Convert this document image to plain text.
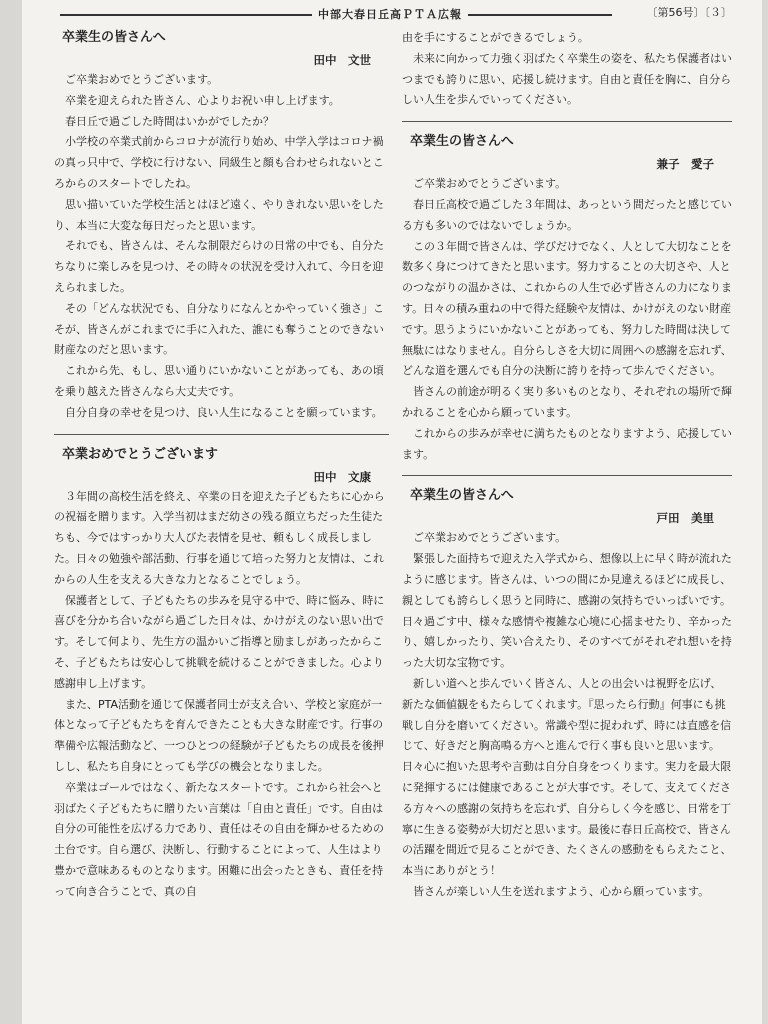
中部大春日丘高ＰＴＡ広報	〔第56号〕〔３〕
卒業生の皆さんへ
田中　文世

ご卒業おめでとうございます。

卒業を迎えられた皆さん、心よりお祝い申し上げます。

春日丘で過ごした時間はいかがでしたか？

小学校の卒業式前からコロナが流行り始め、中学入学はコロナ禍の真っ只中で、学校に行けない、同級生と顔も合わせられないところからのスタートでしたね。

思い描いていた学校生活とはほど遠く、やりきれない思いをしたり、本当に大変な毎日だったと思います。

それでも、皆さんは、そんな制限だらけの日常の中でも、自分たちなりに楽しみを見つけ、その時々の状況を受け入れて、今日を迎えられました。

その「どんな状況でも、自分なりになんとかやっていく強さ」こそが、皆さんがこれまでに手に入れた、誰にも奪うことのできない財産なのだと思います。

これから先、もし、思い通りにいかないことがあっても、あの頃を乗り越えた皆さんなら大丈夫です。

自分自身の幸せを見つけ、良い人生になることを願っています。

卒業おめでとうございます
田中　文康

３年間の高校生活を終え、卒業の日を迎えた子どもたちに心からの祝福を贈ります。入学当初はまだ幼さの残る顔立ちだった生徒たちも、今ではすっかり大人びた表情を見せ、頼もしく成長しました。日々の勉強や部活動、行事を通じて培った努力と友情は、これからの人生を支える大きな力となることでしょう。

保護者として、子どもたちの歩みを見守る中で、時に悩み、時に喜びを分かち合いながら過ごした日々は、かけがえのない思い出です。そして何より、先生方の温かいご指導と励ましがあったからこそ、子どもたちは安心して挑戦を続けることができました。心より感謝申し上げます。

また、PTA活動を通じて保護者同士が支え合い、学校と家庭が一体となって子どもたちを育んできたことも大きな財産です。行事の準備や広報活動など、一つひとつの経験が子どもたちの成長を後押しし、私たち自身にとっても学びの機会となりました。

卒業はゴールではなく、新たなスタートです。これから社会へと羽ばたく子どもたちに贈りたい言葉は「自由と責任」です。自由は自分の可能性を広げる力であり、責任はその自由を輝かせるための土台です。自ら選び、決断し、行動することによって、人生はより豊かで意味あるものとなります。困難に出会ったときも、責任を持って向き合うことで、真の自

由を手にすることができるでしょう。

未来に向かって力強く羽ばたく卒業生の姿を、私たち保護者はいつまでも誇りに思い、応援し続けます。自由と責任を胸に、自分らしい人生を歩んでいってください。

卒業生の皆さんへ
兼子　愛子

ご卒業おめでとうございます。

春日丘高校で過ごした３年間は、あっという間だったと感じている方も多いのではないでしょうか。

この３年間で皆さんは、学びだけでなく、人として大切なことを数多く身につけてきたと思います。努力することの大切さや、人とのつながりの温かさは、これからの人生で必ず皆さんの力になります。日々の積み重ねの中で得た経験や友情は、かけがえのない財産です。思うようにいかないことがあっても、努力した時間は決して無駄にはなりません。自分らしさを大切に周囲への感謝を忘れず、どんな道を選んでも自分の決断に誇りを持って歩んでください。

皆さんの前途が明るく実り多いものとなり、それぞれの場所で輝かれることを心から願っています。

これからの歩みが幸せに満ちたものとなりますよう、応援しています。

卒業生の皆さんへ
戸田　美里

ご卒業おめでとうございます。

緊張した面持ちで迎えた入学式から、想像以上に早く時が流れたように感じます。皆さんは、いつの間にか見違えるほどに成長し、親としても誇らしく思うと同時に、感謝の気持ちでいっぱいです。日々過ごす中、様々な感情や複雑な心境に心揺ませたり、辛かったり、嬉しかったり、笑い合えたり、そのすべてがそれぞれ想いを持った大切な宝物です。

新しい道へと歩んでいく皆さん、人との出会いは視野を広げ、新たな価値観をもたらしてくれます。『思ったら行動』何事にも挑戦し自分を磨いてください。常識や型に捉われず、時には直感を信じて、好きだと胸高鳴る方へと進んで行く事も良いと思います。日々心に抱いた思考や言動は自分自身をつくります。実力を最大限に発揮するには健康であることが大事です。そして、支えてくださる方々への感謝の気持ちを忘れず、自分らしく今を感じ、日常を丁寧に生きる姿勢が大切だと思います。最後に春日丘高校で、皆さんの活躍を間近で見ることができ、たくさんの感動をもらえたこと、本当にありがとう！

皆さんが楽しい人生を送れますよう、心から願っています。
